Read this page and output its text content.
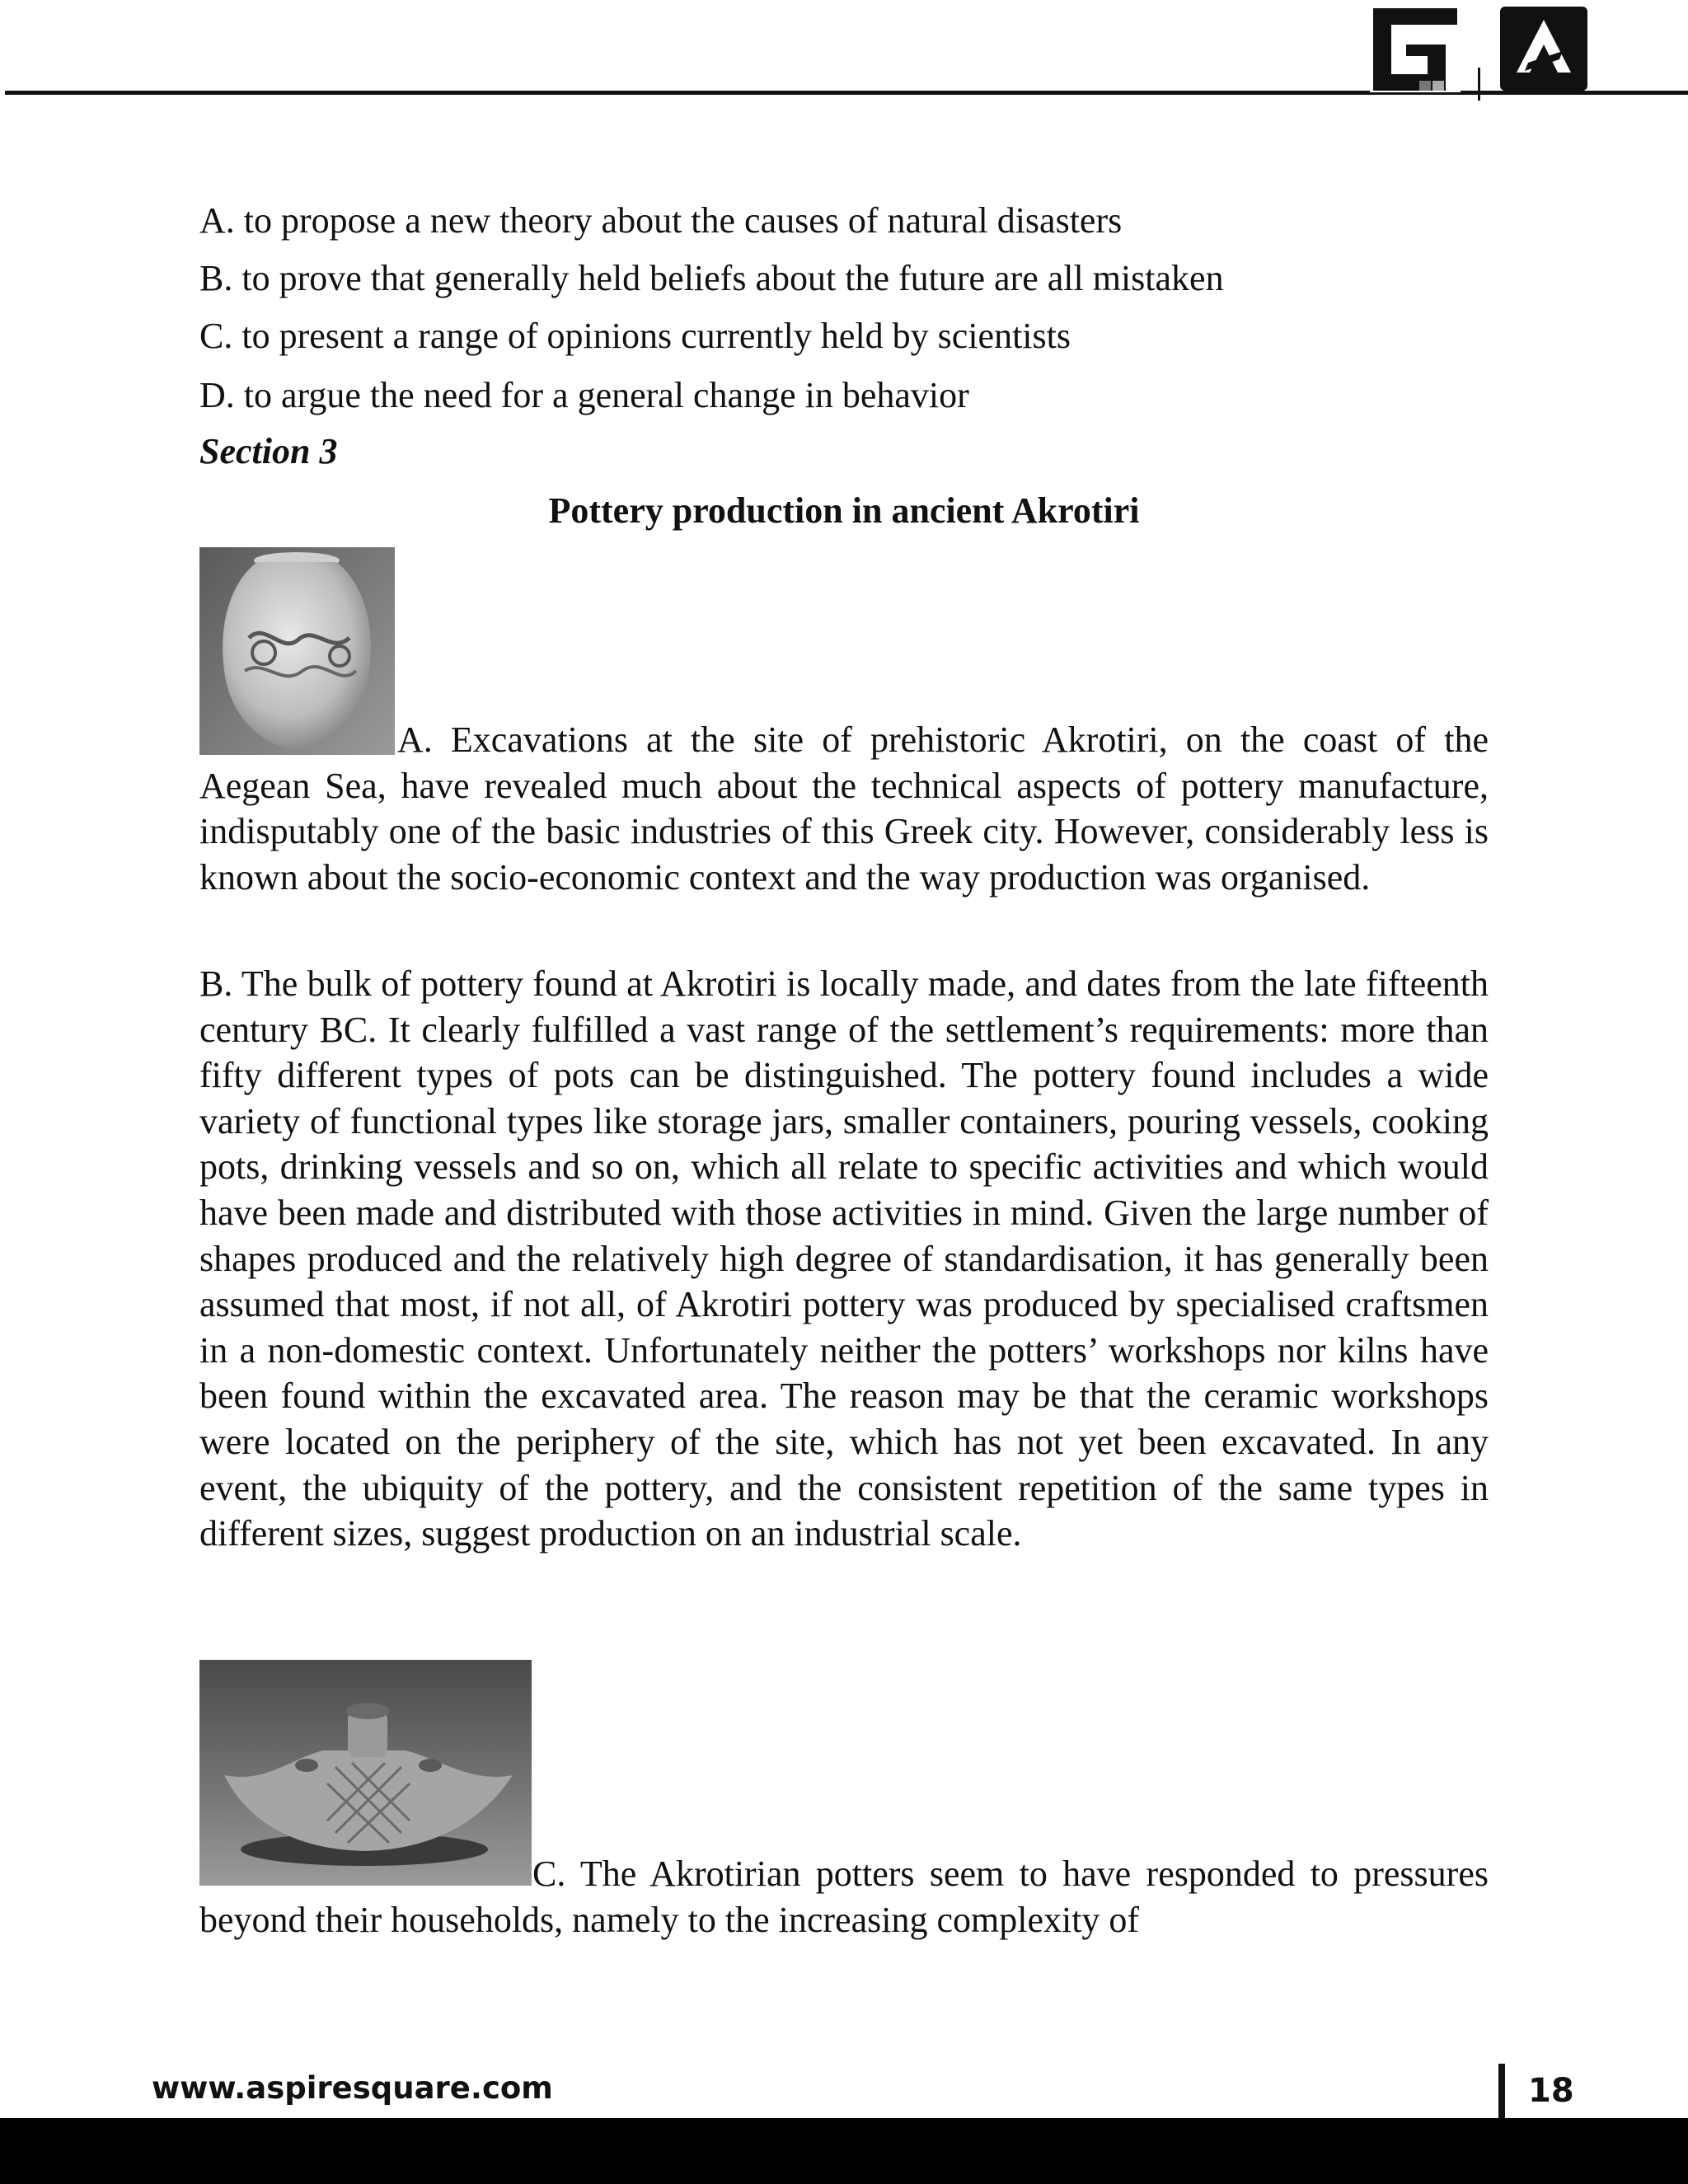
A. to propose a new theory about the causes of natural disasters
B. to prove that generally held beliefs about the future are all mistaken
C. to present a range of opinions currently held by scientists
D. to argue the need for a general change in behavior
Section 3
Pottery production in ancient Akrotiri
A. Excavations at the site of prehistoric Akrotiri, on the coast of the Aegean Sea, have revealed much about the technical aspects of pottery manufacture, indisputably one of the basic industries of this Greek city. However, considerably less is known about the socio-economic context and the way production was organised.
B. The bulk of pottery found at Akrotiri is locally made, and dates from the late fifteenth century BC. It clearly fulfilled a vast range of the settlement’s requirements: more than fifty different types of pots can be distinguished. The pottery found includes a wide variety of functional types like storage jars, smaller containers, pouring vessels, cooking pots, drinking vessels and so on, which all relate to specific activities and which would have been made and distributed with those activities in mind. Given the large number of shapes produced and the relatively high degree of standardisation, it has generally been assumed that most, if not all, of Akrotiri pottery was produced by specialised craftsmen in a non-domestic context. Unfortunately neither the potters’ workshops nor kilns have been found within the excavated area. The reason may be that the ceramic workshops were located on the periphery of the site, which has not yet been excavated. In any event, the ubiquity of the pottery, and the consistent repetition of the same types in different sizes, suggest production on an industrial scale.
C. The Akrotirian potters seem to have responded to pressures beyond their households, namely to the increasing complexity of
www.aspiresquare.com	18
